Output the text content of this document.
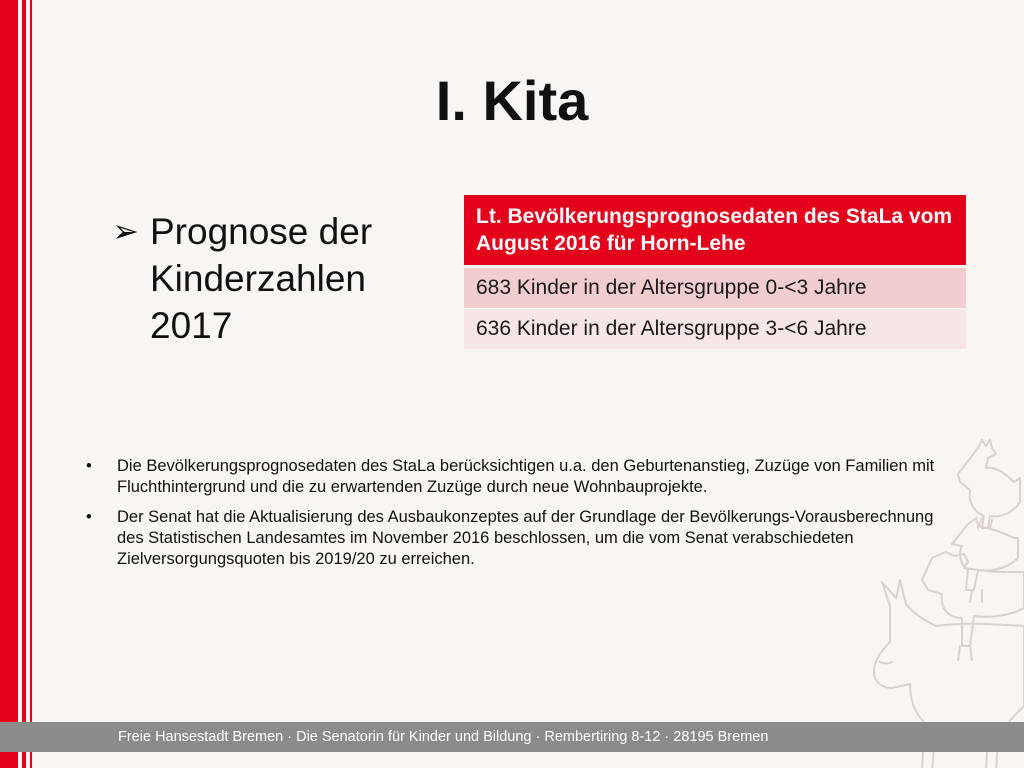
I. Kita
➢ Prognose der Kinderzahlen 2017
Lt. Bevölkerungsprognosedaten des StaLa vom August 2016 für Horn-Lehe
683 Kinder in der Altersgruppe 0-<3 Jahre
636 Kinder in der Altersgruppe 3-<6 Jahre
• Die Bevölkerungsprognosedaten des StaLa berücksichtigen u.a. den Geburtenanstieg, Zuzüge von Familien mit Fluchthintergrund und die zu erwartenden Zuzüge durch neue Wohnbauprojekte.
• Der Senat hat die Aktualisierung des Ausbaukonzeptes auf der Grundlage der Bevölkerungs-Vorausberechnung des Statistischen Landesamtes im November 2016 beschlossen, um die vom Senat verabschiedeten Zielversorgungsquoten bis 2019/20 zu erreichen.
Freie Hansestadt Bremen · Die Senatorin für Kinder und Bildung · Rembertiring 8-12 · 28195 Bremen
